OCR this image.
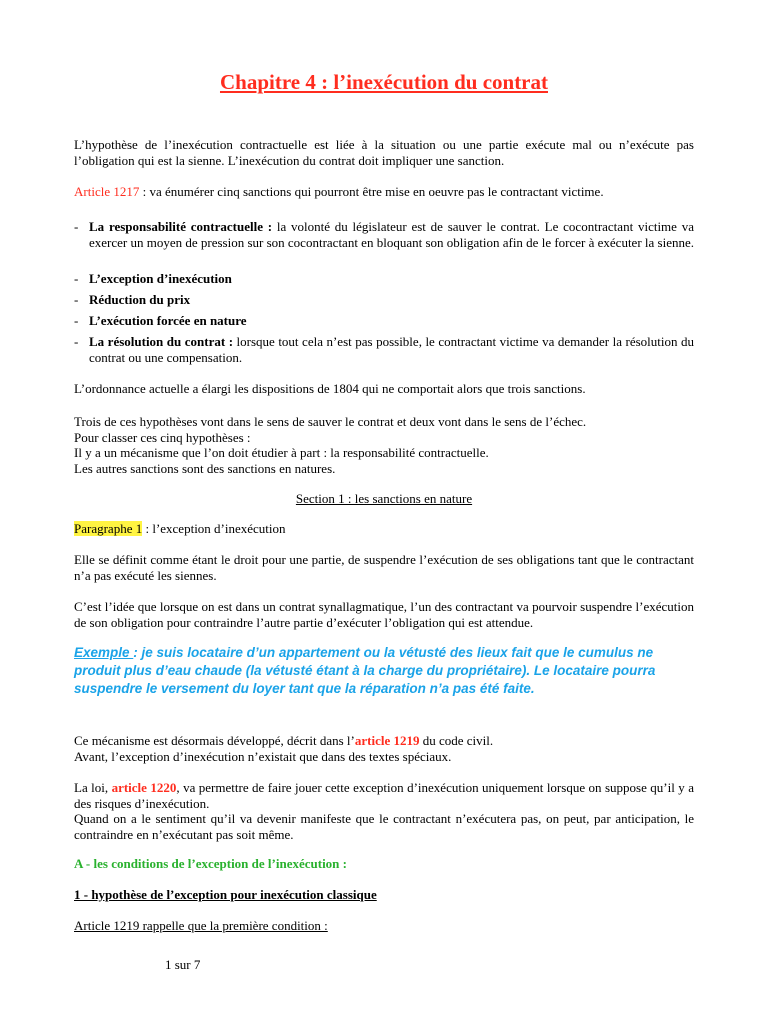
Chapitre 4 : l’inexécution du contrat
L’hypothèse de l’inexécution contractuelle est liée à la situation ou une partie exécute mal ou n’exécute pas l’obligation qui est la sienne. L’inexécution du contrat doit impliquer une sanction.
Article 1217 : va énumérer cinq sanctions qui pourront être mise en oeuvre pas le contractant victime.
- La responsabilité contractuelle : la volonté du législateur est de sauver le contrat. Le cocontractant victime va exercer un moyen de pression sur son cocontractant en bloquant son obligation afin de le forcer à exécuter la sienne.
- L’exception d’inexécution
- Réduction du prix
- L’exécution forcée en nature
- La résolution du contrat : lorsque tout cela n’est pas possible, le contractant victime va demander la résolution du contrat ou une compensation.
L’ordonnance actuelle a élargi les dispositions de 1804 qui ne comportait alors que trois sanctions.
Trois de ces hypothèses vont dans le sens de sauver le contrat et deux vont dans le sens de l’échec.
Pour classer ces cinq hypothèses :
Il y a un mécanisme que l’on doit étudier à part : la responsabilité contractuelle.
Les autres sanctions sont des sanctions en natures.
Section 1 : les sanctions en nature
Paragraphe 1 : l’exception d’inexécution
Elle se définit comme étant le droit pour une partie, de suspendre l’exécution de ses obligations tant que le contractant n’a pas exécuté les siennes.
C’est l’idée que lorsque on est dans un contrat synallagmatique, l’un des contractant va pourvoir suspendre l’exécution de son obligation pour contraindre l’autre partie d’exécuter l’obligation qui est attendue.
Exemple : je suis locataire d’un appartement ou la vétusté des lieux fait que le cumulus ne produit plus d’eau chaude (la vétusté étant à la charge du propriétaire). Le locataire pourra suspendre le versement du loyer tant que la réparation n’a pas été faite.
Ce mécanisme est désormais développé, décrit dans l’article 1219 du code civil.
Avant, l’exception d’inexécution n’existait que dans des textes spéciaux.
La loi, article 1220, va permettre de faire jouer cette exception d’inexécution uniquement lorsque on suppose qu’il y a des risques d’inexécution.
Quand on a le sentiment qu’il va devenir manifeste que le contractant n’exécutera pas, on peut, par anticipation, le contraindre en n’exécutant pas soit même.
A - les conditions de l’exception de l’inexécution :
1 - hypothèse de l’exception pour inexécution classique
Article 1219 rappelle que la première condition :
1 sur 7
